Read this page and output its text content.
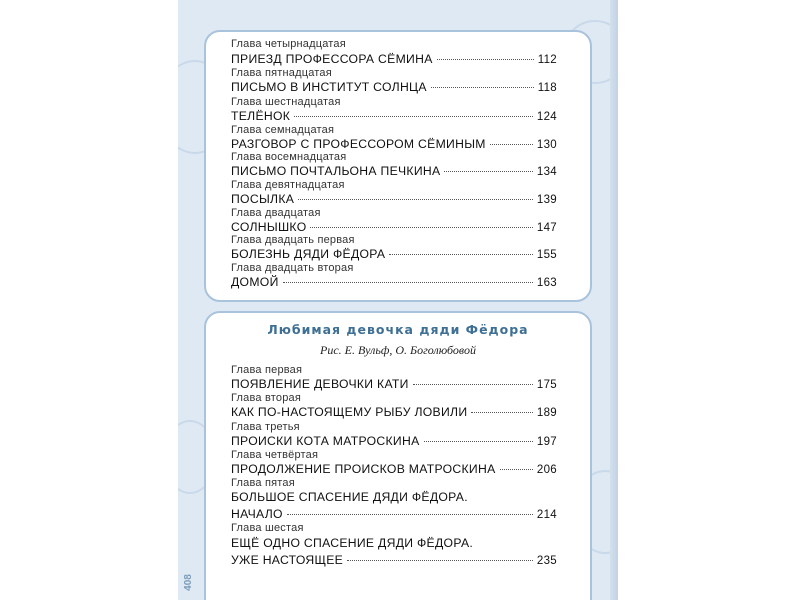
Глава четырнадцатая
ПРИЕЗД ПРОФЕССОРА СЁМИНА	112
Глава пятнадцатая
ПИСЬМО В ИНСТИТУТ СОЛНЦА	118
Глава шестнадцатая
ТЕЛЁНОК	124
Глава семнадцатая
РАЗГОВОР С ПРОФЕССОРОМ СЁМИНЫМ	130
Глава восемнадцатая
ПИСЬМО ПОЧТАЛЬОНА ПЕЧКИНА	134
Глава девятнадцатая
ПОСЫЛКА	139
Глава двадцатая
СОЛНЫШКО	147
Глава двадцать первая
БОЛЕЗНЬ ДЯДИ ФЁДОРА	155
Глава двадцать вторая
ДОМОЙ	163
Любимая девочка дяди Фёдора
Рис. Е. Вульф, О. Боголюбовой
Глава первая
ПОЯВЛЕНИЕ ДЕВОЧКИ КАТИ	175
Глава вторая
КАК ПО-НАСТОЯЩЕМУ РЫБУ ЛОВИЛИ	189
Глава третья
ПРОИСКИ КОТА МАТРОСКИНА	197
Глава четвёртая
ПРОДОЛЖЕНИЕ ПРОИСКОВ МАТРОСКИНА	206
Глава пятая
БОЛЬШОЕ СПАСЕНИЕ ДЯДИ ФЁДОРА.
НАЧАЛО	214
Глава шестая
ЕЩЁ ОДНО СПАСЕНИЕ ДЯДИ ФЁДОРА.
УЖЕ НАСТОЯЩЕЕ	235
408
